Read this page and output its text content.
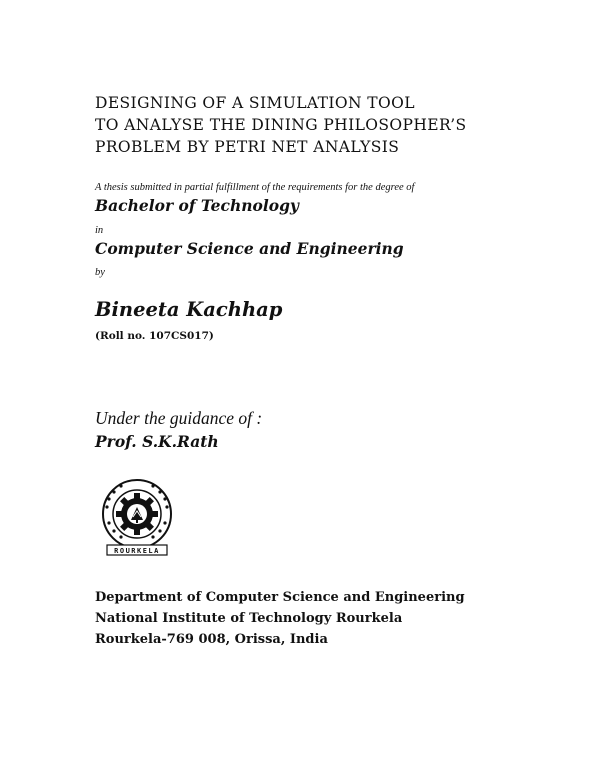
DESIGNING OF A SIMULATION TOOL
TO ANALYSE THE DINING PHILOSOPHER’S
PROBLEM BY PETRI NET ANALYSIS
A thesis submitted in partial fulfillment of the requirements for the degree of
Bachelor of Technology
in
Computer Science and Engineering
by
Bineeta Kachhap
(Roll no. 107CS017)
Under the guidance of :
Prof. S.K.Rath
ROURKELA
Department of Computer Science and Engineering
National Institute of Technology Rourkela
Rourkela-769 008, Orissa, India
